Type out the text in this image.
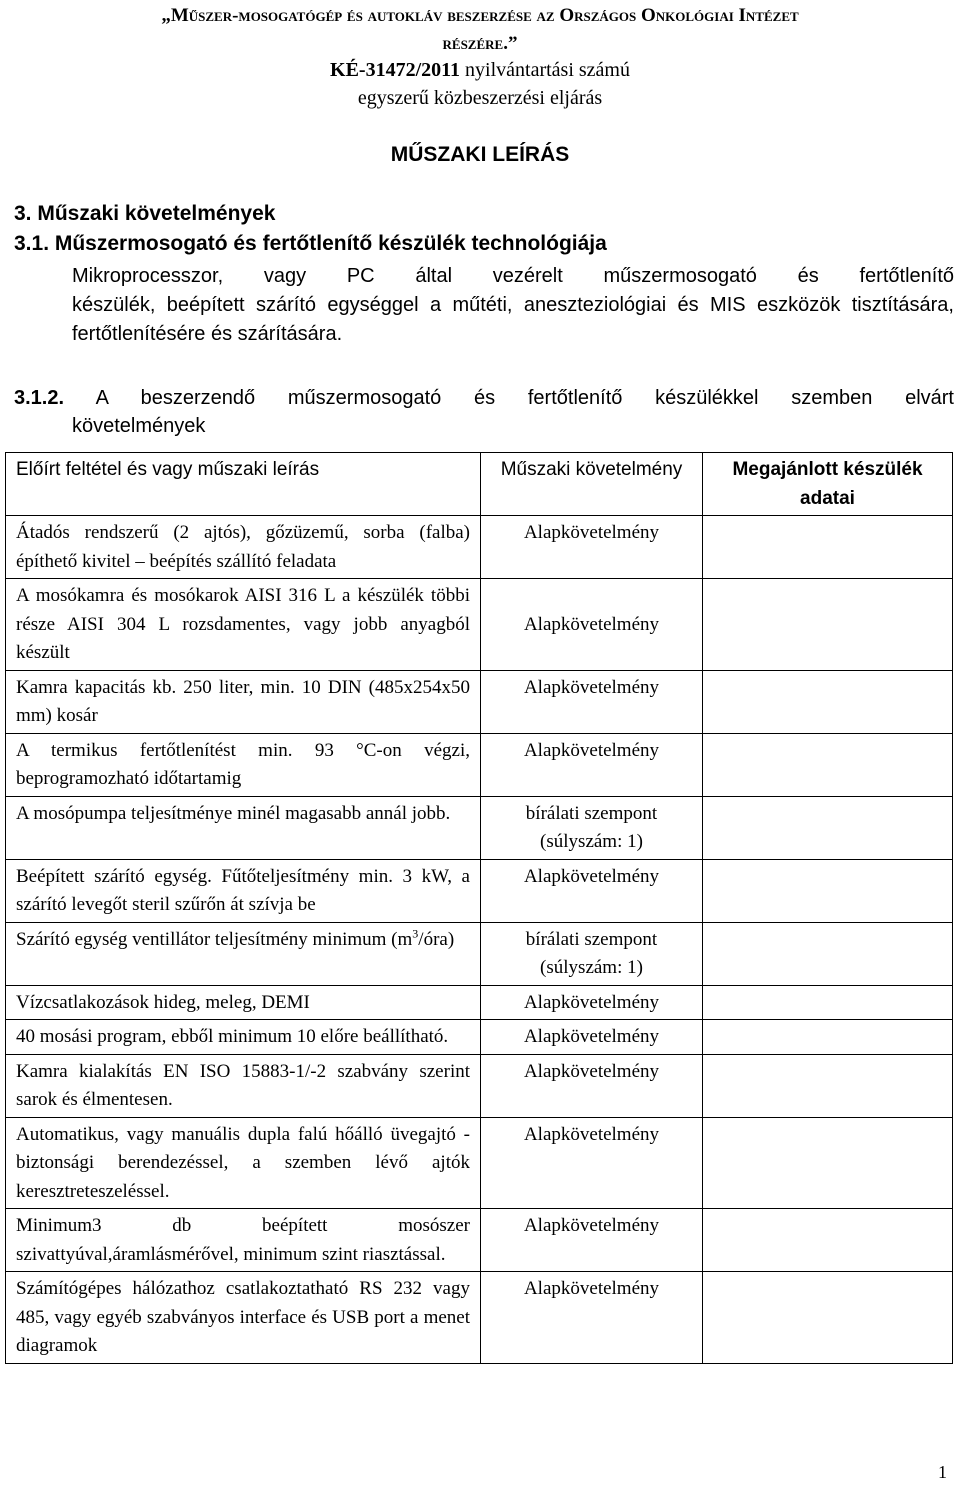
„Műszer-mosogatógép és autokláv beszerzése az Országos Onkológiai Intézet
részére.”
KÉ-31472/2011 nyilvántartási számú
egyszerű közbeszerzési eljárás
MŰSZAKI LEÍRÁS
3. Műszaki követelmények
3.1. Műszermosogató és fertőtlenítő készülék technológiája
Mikroprocesszor, vagy PC által vezérelt műszermosogató és fertőtlenítő
készülék, beépített szárító egységgel a műtéti, aneszteziológiai és MIS eszközök tisztítására, fertőtlenítésére és szárítására.
3.1.2. A beszerzendő műszermosogató és fertőtlenítő készülékkel szemben elvárt
követelmények
Előírt feltétel és vagy műszaki leírás	Műszaki követelmény	Megajánlott készülék adatai
Átadós rendszerű (2 ajtós), gőzüzemű, sorba (falba) építhető kivitel – beépítés szállító feladata	Alapkövetelmény	
A mosókamra és mosókarok AISI 316 L a készülék többi része AISI 304 L rozsdamentes, vagy jobb anyagból készült	Alapkövetelmény	
Kamra kapacitás kb. 250 liter, min. 10 DIN (485x254x50 mm) kosár	Alapkövetelmény	
A termikus fertőtlenítést min. 93 °C-on végzi, beprogramozható időtartamig	Alapkövetelmény	
A mosópumpa teljesítménye minél magasabb annál jobb.	bírálati szempont (súlyszám: 1)	
Beépített szárító egység. Fűtőteljesítmény min. 3 kW, a szárító levegőt steril szűrőn át szívja be	Alapkövetelmény	
Szárító egység ventillátor teljesítmény minimum $(m^3/óra)$	bírálati szempont (súlyszám: 1)	
Vízcsatlakozások hideg, meleg, DEMI	Alapkövetelmény	
40 mosási program, ebből minimum 10 előre beállítható.	Alapkövetelmény	
Kamra kialakítás EN ISO 15883-1/-2 szabvány szerint sarok és élmentesen.	Alapkövetelmény	
Automatikus, vagy manuális dupla falú hőálló üvegajtó - biztonsági berendezéssel, a szemben lévő ajtók keresztreteszeléssel.	Alapkövetelmény	
Minimum3 db beépített mosószer szivattyúval,áramlásmérővel, minimum szint riasztással.	Alapkövetelmény	
Számítógépes hálózathoz csatlakoztatható RS 232 vagy 485, vagy egyéb szabványos interface és USB port a menet diagramok	Alapkövetelmény	
1
